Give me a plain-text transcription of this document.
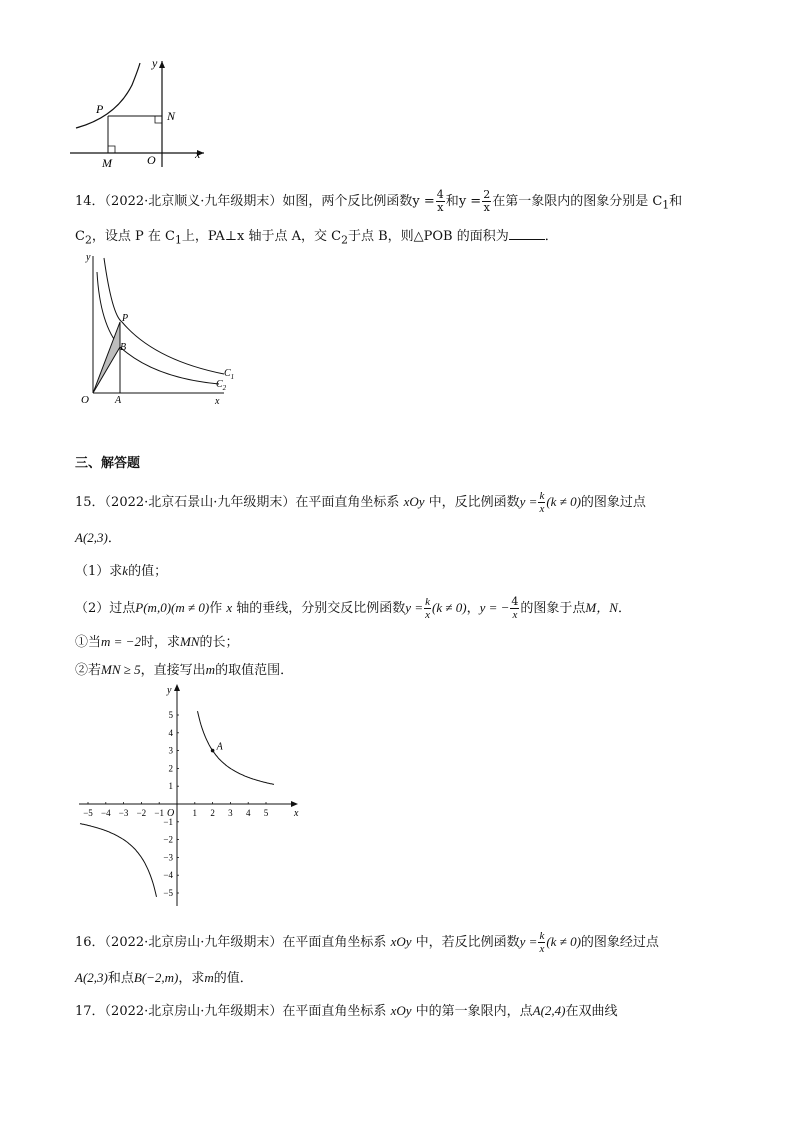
y
x
P	N
M	O
14．（2022·北京顺义·九年级期末）如图，两个反比例函数$y = \frac{4}{x}$ 和$y = \frac{2}{x}$ 在第一象限内的图象分别是 $C_1$和
$C_2$，设点 P 在 $C_1$上，PA⊥x 轴于点 A，交 $C_2$于点 B，则△POB 的面积为	．
y
x
O	A
P
B
$C_1$
$C_2$
三、解答题
15．（2022·北京石景山·九年级期末）在平面直角坐标系 xOy 中，反比例函数$y = \frac{k}{x} (k \ne 0)$的图象过点
A(2,3)．
（1）求k的值；
（2）过点P(m,0)(m ≠ 0)作 x 轴的垂线，分别交反比例函数$y = \frac{k}{x} (k \ne 0)$，y = − $\frac{4}{x}$ 的图象于点M，N．
①当m = −2时，求MN的长；
②若MN ≥ 5，直接写出m的取值范围．
−5 −4 −3 −2 −1	1 2 3 4 5
5
4
3
2
1
−1
−2
−3
−4
−5
A
O	x
y
16．（2022·北京房山·九年级期末）在平面直角坐标系 xOy 中，若反比例函数$y = \frac{k}{x} (k \ne 0)$的图象经过点
A(2,3)和点B(−2,m)，求m的值．
17．（2022·北京房山·九年级期末）在平面直角坐标系 xOy 中的第一象限内，点A(2,4)在双曲线
